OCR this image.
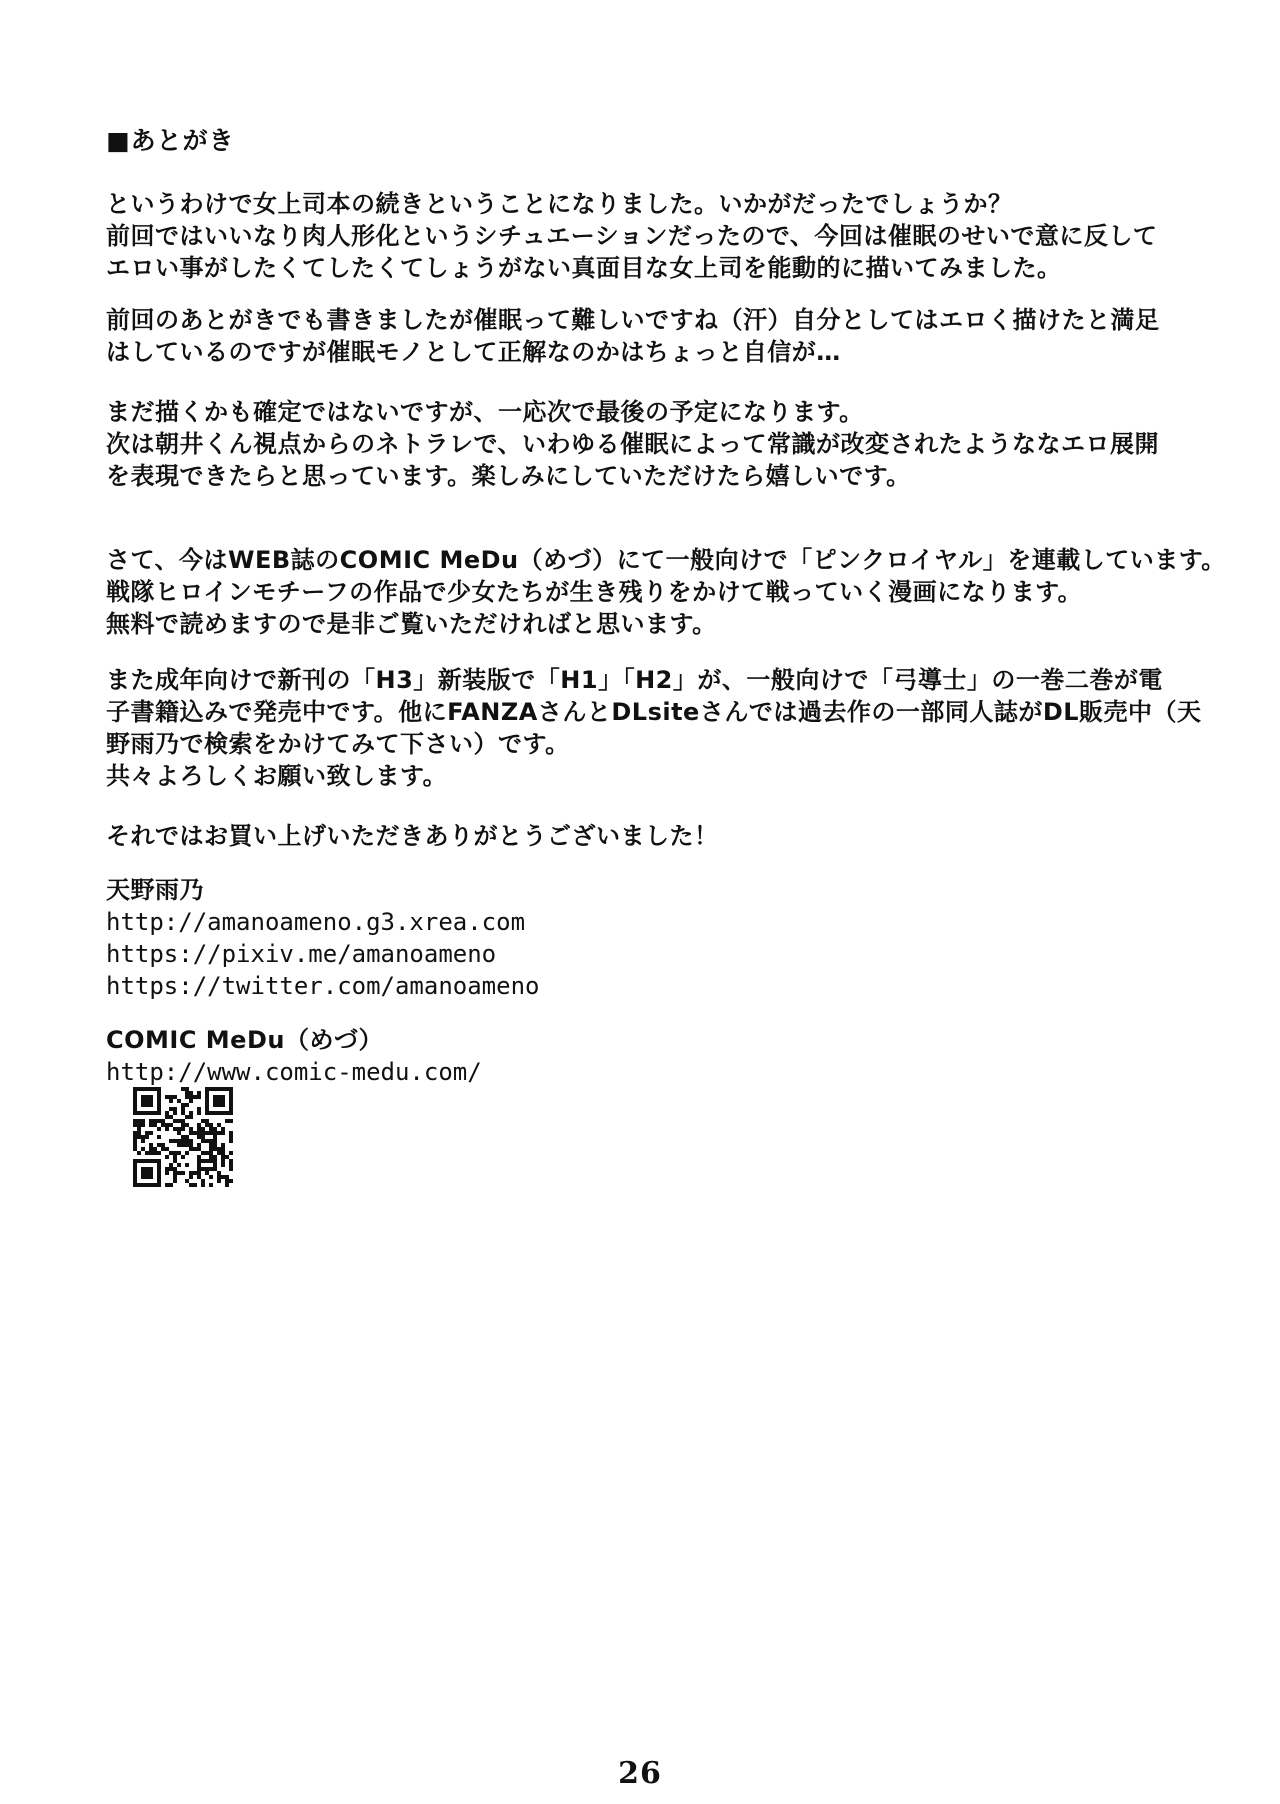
■あとがき
というわけで女上司本の続きということになりました。いかがだったでしょうか？
前回ではいいなり肉人形化というシチュエーションだったので、今回は催眠のせいで意に反して
エロい事がしたくてしたくてしょうがない真面目な女上司を能動的に描いてみました。
前回のあとがきでも書きましたが催眠って難しいですね（汗）自分としてはエロく描けたと満足
はしているのですが催眠モノとして正解なのかはちょっと自信が…
まだ描くかも確定ではないですが、一応次で最後の予定になります。
次は朝井くん視点からのネトラレで、いわゆる催眠によって常識が改変されたようななエロ展開
を表現できたらと思っています。楽しみにしていただけたら嬉しいです。
さて、今はWEB誌のCOMIC MeDu（めづ）にて一般向けで「ピンクロイヤル」を連載しています。
戦隊ヒロインモチーフの作品で少女たちが生き残りをかけて戦っていく漫画になります。
無料で読めますので是非ご覧いただければと思います。
また成年向けで新刊の「H3」新装版で「H1」「H2」が、一般向けで「弓導士」の一巻二巻が電
子書籍込みで発売中です。他にFANZAさんとDLsiteさんでは過去作の一部同人誌がDL販売中（天
野雨乃で検索をかけてみて下さい）です。
共々よろしくお願い致します。
それではお買い上げいただきありがとうございました！
天野雨乃
http://amanoameno.g3.xrea.com
https://pixiv.me/amanoameno
https://twitter.com/amanoameno
COMIC MeDu（めづ）
http://www.comic-medu.com/
26
